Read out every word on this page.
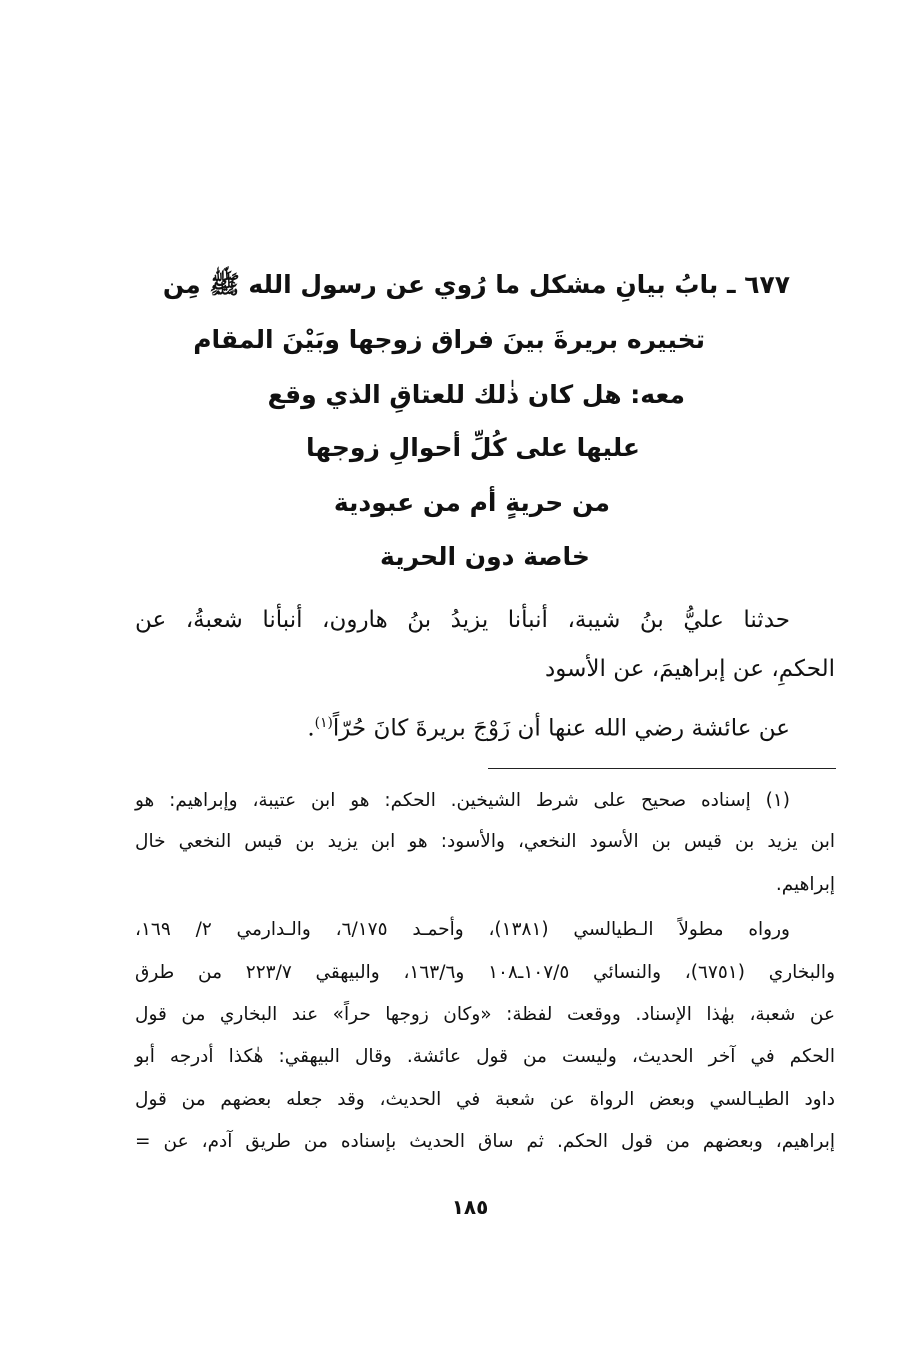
٦٧٧ ـ بابُ بيانِ مشكل ما رُوي عن رسول الله ﷺ مِن
تخييره بريرةَ بينَ فراق زوجها وبَيْنَ المقام
معه: هل كان ذٰلك للعتاقِ الذي وقع
عليها على كُلِّ أحوالِ زوجها
من حريةٍ أم من عبودية
خاصة دون الحرية
حدثنا عليُّ بنُ شيبة، أنبأنا يزيدُ بنُ هارون، أنبأنا شعبةُ، عن
الحكمِ، عن إبراهيمَ، عن الأسود
عن عائشة رضي الله عنها أن زَوْجَ بريرةَ كانَ حُرّاً$^{(١)}$.
(١) إسناده صحيح على شرط الشيخين. الحكم: هو ابن عتيبة، وإبراهيم: هو
ابن يزيد بن قيس بن الأسود النخعي، والأسود: هو ابن يزيد بن قيس النخعي خال
إبراهيم.
ورواه مطولاً الـطيالسي (١٣٨١)، وأحمـد ٦/١٧٥، والـدارمي ٢/ ١٦٩،
والبخاري (٦٧٥١)، والنسائي ١٠٧/٥ـ١٠٨ و١٦٣/٦، والبيهقي ٢٢٣/٧ من طرق
عن شعبة، بهٰذا الإسناد. ووقعت لفظة: «وكان زوجها حراً» عند البخاري من قول
الحكم في آخر الحديث، وليست من قول عائشة. وقال البيهقي: هٰكذا أدرجه أبو
داود الطيـالسي وبعض الرواة عن شعبة في الحديث، وقد جعله بعضهم من قول
إبراهيم، وبعضهم من قول الحكم. ثم ساق الحديث بإسناده من طريق آدم، عن =
١٨٥
